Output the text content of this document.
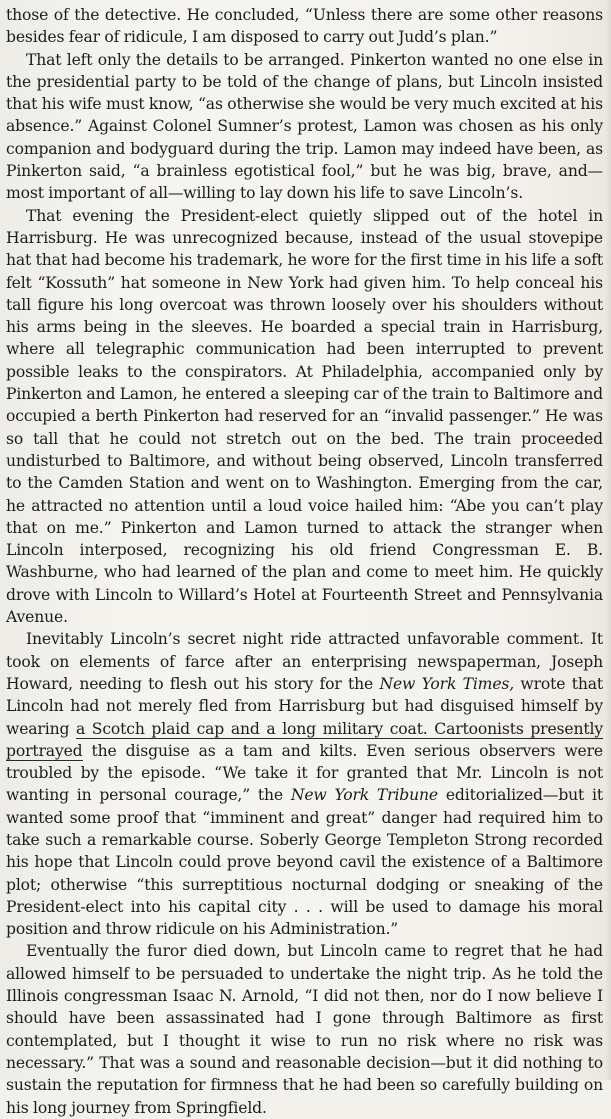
those of the detective. He concluded, “Unless there are some other reasons besides fear of ridicule, I am disposed to carry out Judd’s plan.”

That left only the details to be arranged. Pinkerton wanted no one else in the presidential party to be told of the change of plans, but Lincoln insisted that his wife must know, “as otherwise she would be very much excited at his absence.” Against Colonel Sumner’s protest, Lamon was chosen as his only companion and bodyguard during the trip. Lamon may indeed have been, as Pinkerton said, “a brainless egotistical fool,” but he was big, brave, and—most important of all—willing to lay down his life to save Lincoln’s.

That evening the President-elect quietly slipped out of the hotel in Harrisburg. He was unrecognized because, instead of the usual stovepipe hat that had become his trademark, he wore for the first time in his life a soft felt “Kossuth” hat someone in New York had given him. To help conceal his tall figure his long overcoat was thrown loosely over his shoulders without his arms being in the sleeves. He boarded a special train in Harrisburg, where all telegraphic communication had been interrupted to prevent possible leaks to the conspirators. At Philadelphia, accompanied only by Pinkerton and Lamon, he entered a sleeping car of the train to Baltimore and occupied a berth Pinkerton had reserved for an “invalid passenger.” He was so tall that he could not stretch out on the bed. The train proceeded undisturbed to Baltimore, and without being observed, Lincoln transferred to the Camden Station and went on to Washington. Emerging from the car, he attracted no attention until a loud voice hailed him: “Abe you can’t play that on me.” Pinkerton and Lamon turned to attack the stranger when Lincoln interposed, recognizing his old friend Congressman E. B. Washburne, who had learned of the plan and come to meet him. He quickly drove with Lincoln to Willard’s Hotel at Fourteenth Street and Pennsylvania Avenue.

Inevitably Lincoln’s secret night ride attracted unfavorable comment. It took on elements of farce after an enterprising newspaperman, Joseph Howard, needing to flesh out his story for the New York Times, wrote that Lincoln had not merely fled from Harrisburg but had disguised himself by wearing a Scotch plaid cap and a long military coat. Cartoonists presently portrayed the disguise as a tam and kilts. Even serious observers were troubled by the episode. “We take it for granted that Mr. Lincoln is not wanting in personal courage,” the New York Tribune editorialized—but it wanted some proof that “imminent and great” danger had required him to take such a remarkable course. Soberly George Templeton Strong recorded his hope that Lincoln could prove beyond cavil the existence of a Baltimore plot; otherwise “this surreptitious nocturnal dodging or sneaking of the President-elect into his capital city . . . will be used to damage his moral position and throw ridicule on his Administration.”

Eventually the furor died down, but Lincoln came to regret that he had allowed himself to be persuaded to undertake the night trip. As he told the Illinois congressman Isaac N. Arnold, “I did not then, nor do I now believe I should have been assassinated had I gone through Baltimore as first contemplated, but I thought it wise to run no risk where no risk was necessary.” That was a sound and reasonable decision—but it did nothing to sustain the reputation for firmness that he had been so carefully building on his long journey from Springfield.
